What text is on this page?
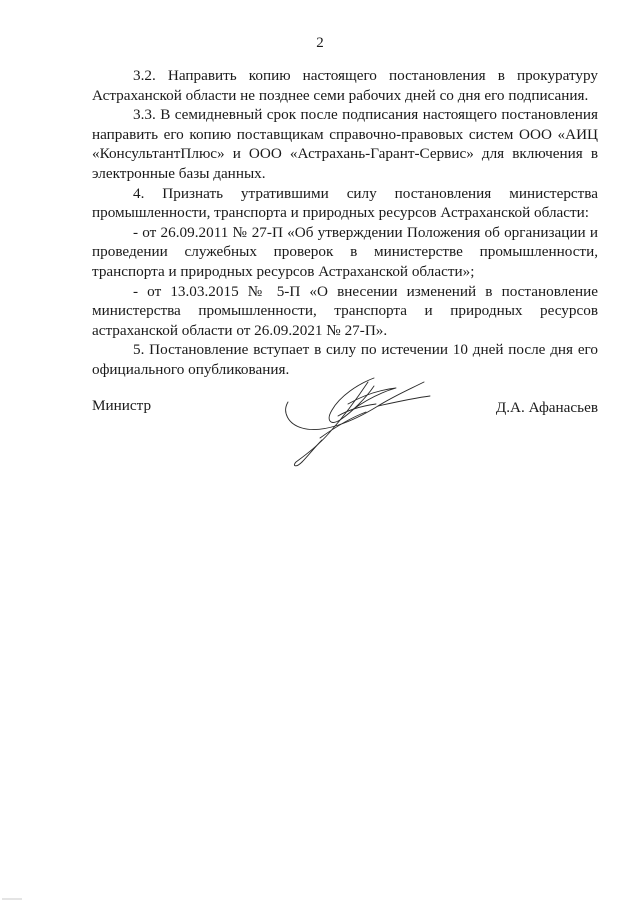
2

3.2. Направить копию настоящего постановления в прокуратуру Астраханской области не позднее семи рабочих дней со дня его подписания.

3.3. В семидневный срок после подписания настоящего постановления направить его копию поставщикам справочно-правовых систем ООО «АИЦ «КонсультантПлюс» и ООО «Астрахань-Гарант-Сервис» для включения в электронные базы данных.

4. Признать утратившими силу постановления министерства промышленности, транспорта и природных ресурсов Астраханской области:

- от 26.09.2011 № 27-П «Об утверждении Положения об организации и проведении служебных проверок в министерстве промышленности, транспорта и природных ресурсов Астраханской области»;

- от 13.03.2015 № 5-П «О внесении изменений в постановление министерства промышленности, транспорта и природных ресурсов астраханской области от 26.09.2021 № 27-П».

5. Постановление вступает в силу по истечении 10 дней после дня его официального опубликования.

Министр	Д.А. Афанасьев
